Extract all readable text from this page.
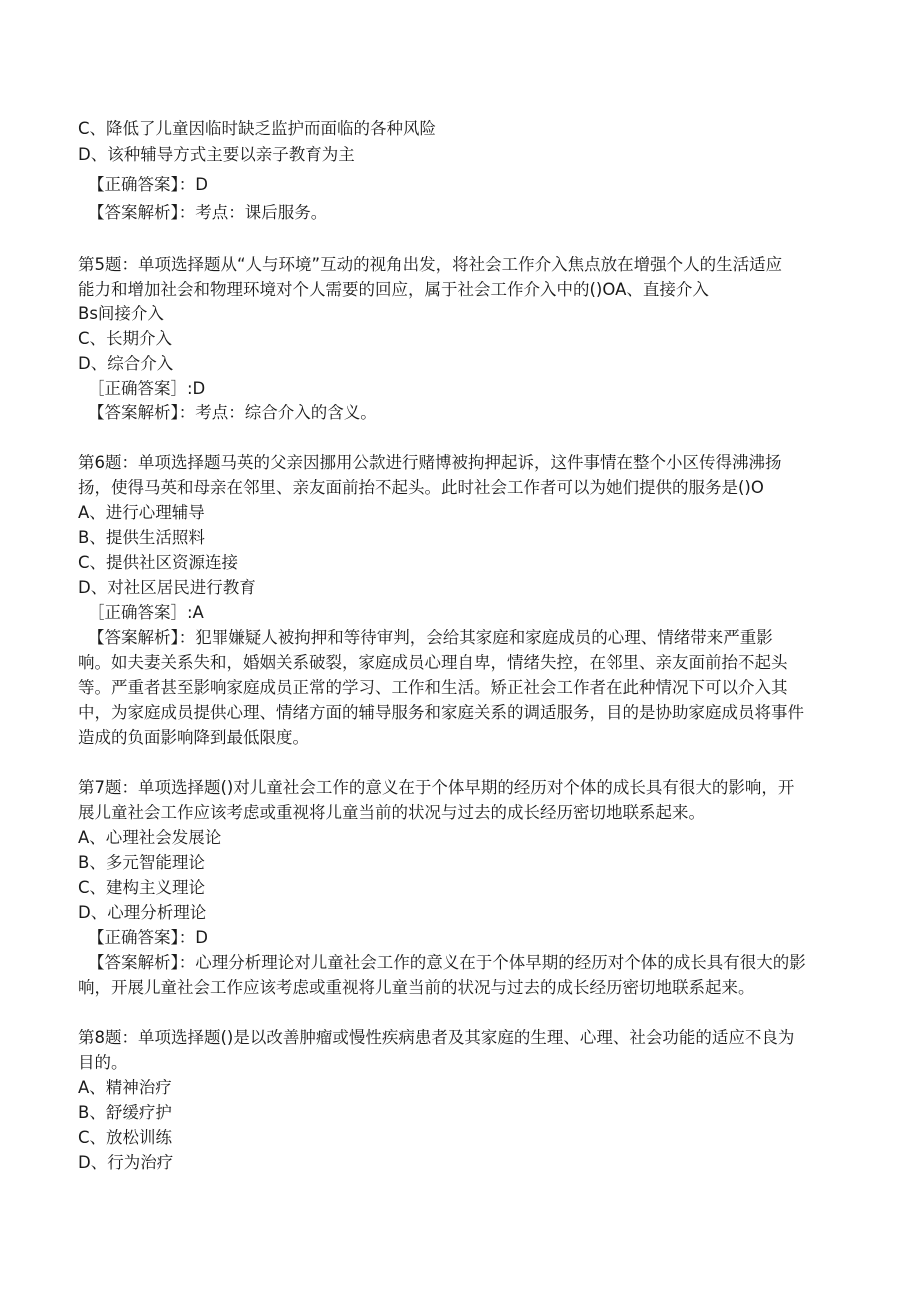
C、降低了儿童因临时缺乏监护而面临的各种风险
D、该种辅导方式主要以亲子教育为主
【正确答案】：D
【答案解析】：考点：课后服务。
第5题：单项选择题从“人与环境”互动的视角出发，将社会工作介入焦点放在增强个人的生活适应
能力和增加社会和物理环境对个人需要的回应，属于社会工作介入中的()OA、直接介入
Bs间接介入
C、长期介入
D、综合介入
［正确答案］:D
【答案解析】：考点：综合介入的含义。
第6题：单项选择题马英的父亲因挪用公款进行赌博被拘押起诉，这件事情在整个小区传得沸沸扬
扬，使得马英和母亲在邻里、亲友面前抬不起头。此时社会工作者可以为她们提供的服务是()O
A、进行心理辅导
B、提供生活照料
C、提供社区资源连接
D、对社区居民进行教育
［正确答案］:A
【答案解析】：犯罪嫌疑人被拘押和等待审判，会给其家庭和家庭成员的心理、情绪带来严重影
响。如夫妻关系失和，婚姻关系破裂，家庭成员心理自卑，情绪失控，在邻里、亲友面前抬不起头
等。严重者甚至影响家庭成员正常的学习、工作和生活。矫正社会工作者在此种情况下可以介入其
中，为家庭成员提供心理、情绪方面的辅导服务和家庭关系的调适服务，目的是协助家庭成员将事件
造成的负面影响降到最低限度。
第7题：单项选择题()对儿童社会工作的意义在于个体早期的经历对个体的成长具有很大的影响，开
展儿童社会工作应该考虑或重视将儿童当前的状况与过去的成长经历密切地联系起来。
A、心理社会发展论
B、多元智能理论
C、建构主义理论
D、心理分析理论
【正确答案】：D
【答案解析】：心理分析理论对儿童社会工作的意义在于个体早期的经历对个体的成长具有很大的影
响，开展儿童社会工作应该考虑或重视将儿童当前的状况与过去的成长经历密切地联系起来。
第8题：单项选择题()是以改善肿瘤或慢性疾病患者及其家庭的生理、心理、社会功能的适应不良为
目的。
A、精神治疗
B、舒缓疗护
C、放松训练
D、行为治疗
